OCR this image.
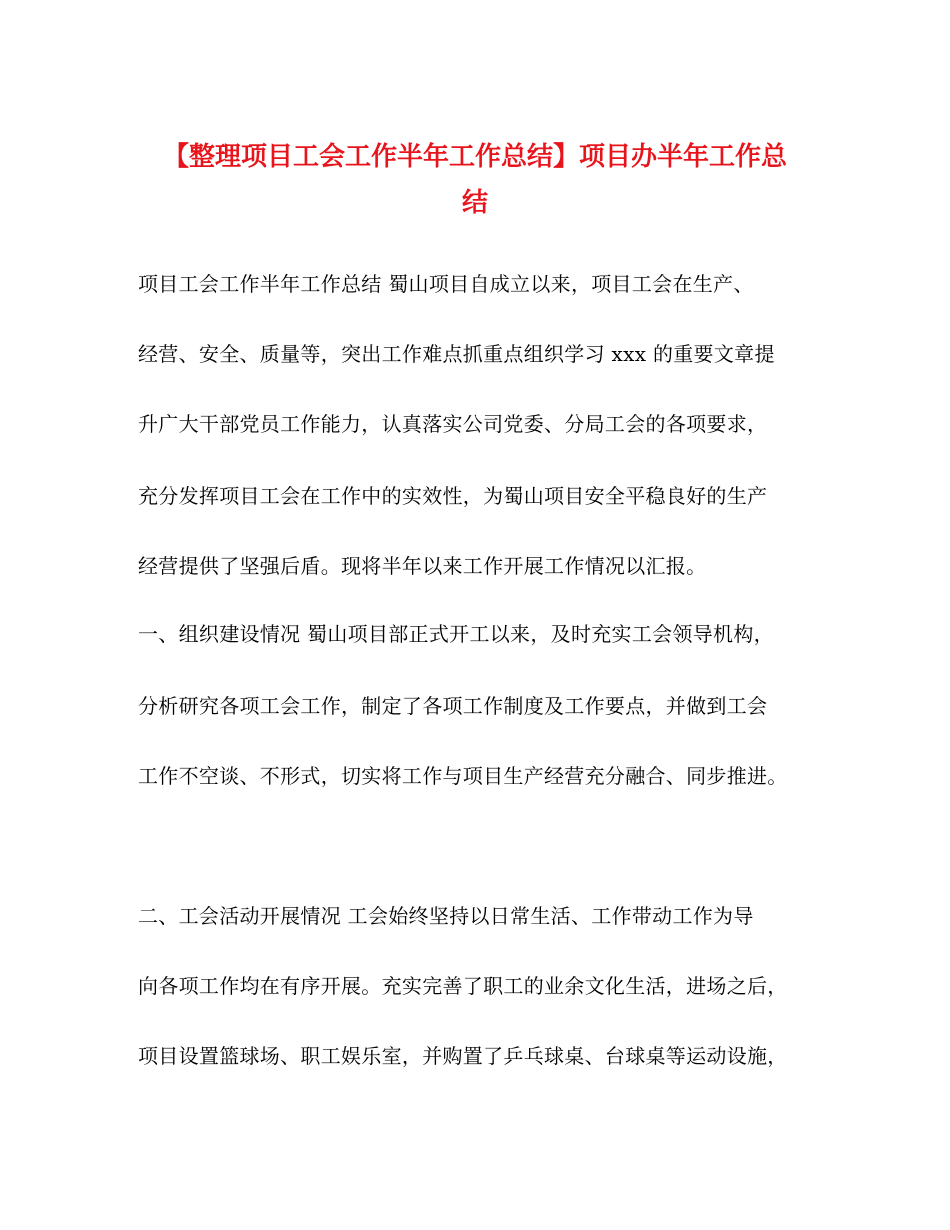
【整理项目工会工作半年工作总结】项目办半年工作总
结

项目工会工作半年工作总结 蜀山项目自成立以来，项目工会在生产、

经营、安全、质量等，突出工作难点抓重点组织学习 xxx 的重要文章提

升广大干部党员工作能力，认真落实公司党委、分局工会的各项要求，

充分发挥项目工会在工作中的实效性，为蜀山项目安全平稳良好的生产

经营提供了坚强后盾。现将半年以来工作开展工作情况以汇报。

一、组织建设情况 蜀山项目部正式开工以来，及时充实工会领导机构，

分析研究各项工会工作，制定了各项工作制度及工作要点，并做到工会

工作不空谈、不形式，切实将工作与项目生产经营充分融合、同步推进。

二、工会活动开展情况 工会始终坚持以日常生活、工作带动工作为导

向各项工作均在有序开展。充实完善了职工的业余文化生活，进场之后，

项目设置篮球场、职工娱乐室，并购置了乒乓球桌、台球桌等运动设施，
